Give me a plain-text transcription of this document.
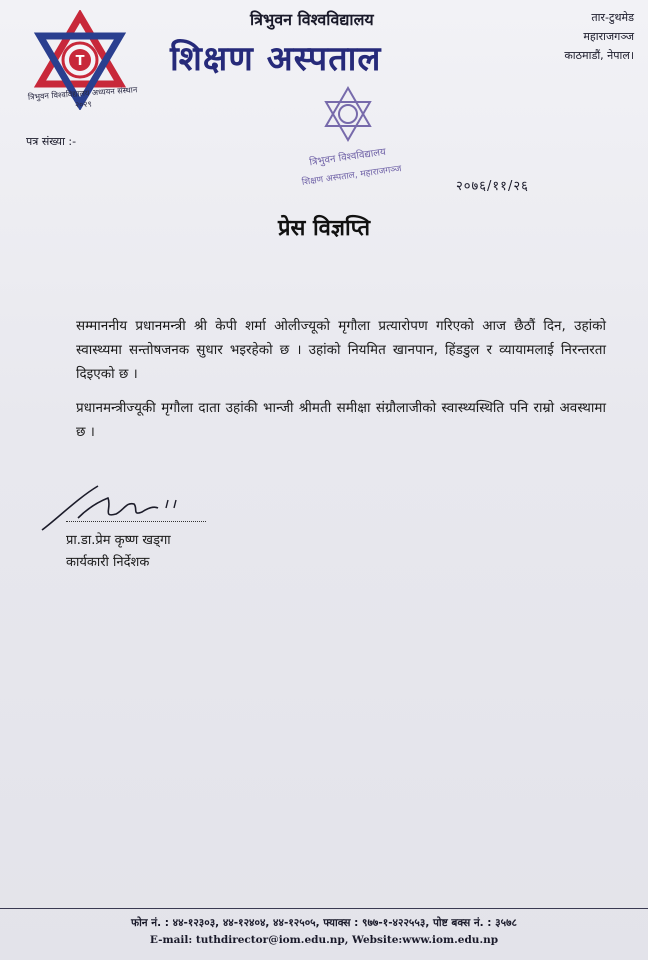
T
त्रिभुवन विश्वविद्यालय अध्ययन संस्थान २०२९
त्रिभुवन विश्वविद्यालय
शिक्षण अस्पताल
तार-टुथमेड
महाराजगञ्ज
काठमाडौं, नेपाल।
त्रिभुवन विश्वविद्यालय
शिक्षण अस्पताल, महाराजगञ्ज
पत्र संख्या :-
२०७६/११/२६
प्रेस विज्ञप्ति

सम्माननीय प्रधानमन्त्री श्री केपी शर्मा ओलीज्यूको मृगौला प्रत्यारोपण गरिएको आज छैठौं दिन, उहांको स्वास्थ्यमा सन्तोषजनक सुधार भइरहेको छ । उहांको नियमित खानपान, हिंडडुल र व्यायामलाई निरन्तरता दिइएको छ ।

प्रधानमन्त्रीज्यूकी मृगौला दाता उहांकी भान्जी श्रीमती समीक्षा संग्रौलाजीको स्वास्थ्यस्थिति पनि राम्रो अवस्थामा छ ।

प्रा.डा.प्रेम कृष्ण खड्गा
कार्यकारी निर्देशक
फोन नं. : ४४-१२३०३, ४४-१२४०४, ४४-१२५०५, फ्याक्स : ९७७-१-४२२५५३, पोष्ट बक्स नं. : ३५७८
E-mail: tuthdirector@iom.edu.np, Website:www.iom.edu.np
